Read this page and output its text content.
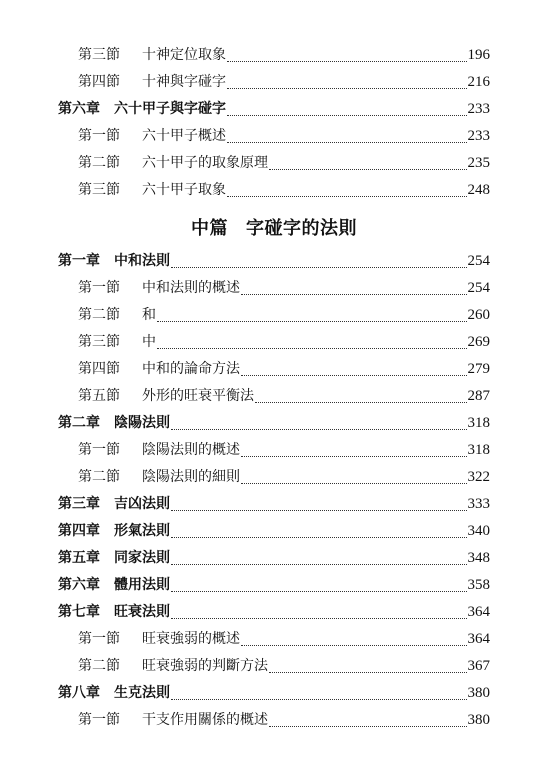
第三節 十神定位取象	196
第四節 十神與字碰字	216
第六章 六十甲子與字碰字	233
第一節 六十甲子概述	233
第二節 六十甲子的取象原理	235
第三節 六十甲子取象	248
中篇 字碰字的法則
第一章 中和法則	254
第一節 中和法則的概述	254
第二節 和	260
第三節 中	269
第四節 中和的論命方法	279
第五節 外形的旺衰平衡法	287
第二章 陰陽法則	318
第一節 陰陽法則的概述	318
第二節 陰陽法則的細則	322
第三章 吉凶法則	333
第四章 形氣法則	340
第五章 同家法則	348
第六章 體用法則	358
第七章 旺衰法則	364
第一節 旺衰強弱的概述	364
第二節 旺衰強弱的判斷方法	367
第八章 生克法則	380
第一節 干支作用關係的概述	380
